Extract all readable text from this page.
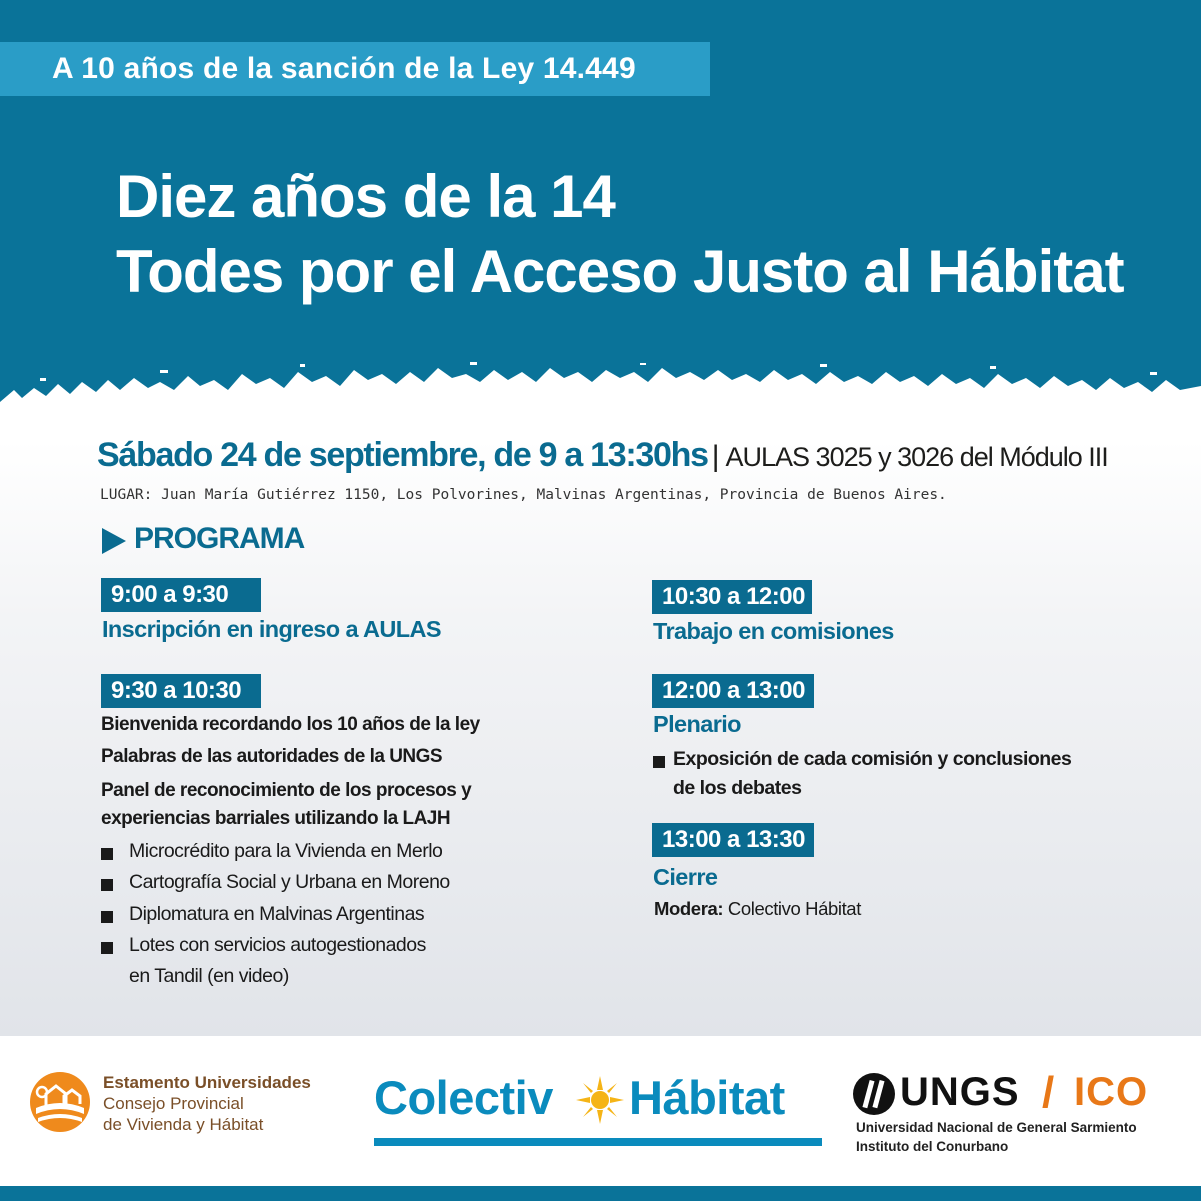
A 10 años de la sanción de la Ley 14.449
Diez años de la 14
Todes por el Acceso Justo al Hábitat
Sábado 24 de septiembre, de 9 a 13:30hs | AULAS 3025 y 3026 del Módulo III
LUGAR: Juan María Gutiérrez 1150, Los Polvorines, Malvinas Argentinas, Provincia de Buenos Aires.
PROGRAMA
9:00 a 9:30
Inscripción en ingreso a AULAS
9:30 a 10:30
Bienvenida recordando los 10 años de la ley
Palabras de las autoridades de la UNGS
Panel de reconocimiento de los procesos y
experiencias barriales utilizando la LAJH
Microcrédito para la Vivienda en Merlo
Cartografía Social y Urbana en Moreno
Diplomatura en Malvinas Argentinas
Lotes con servicios autogestionados
en Tandil (en video)
10:30 a 12:00
Trabajo en comisiones
12:00 a 13:00
Plenario
Exposición de cada comisión y conclusiones
de los debates
13:00 a 13:30
Cierre
Modera: Colectivo Hábitat
Estamento Universidades
Consejo Provincial
de Vivienda y Hábitat
Colectiv Hábitat	UNGS / ICO
Universidad Nacional de General Sarmiento
Instituto del Conurbano
